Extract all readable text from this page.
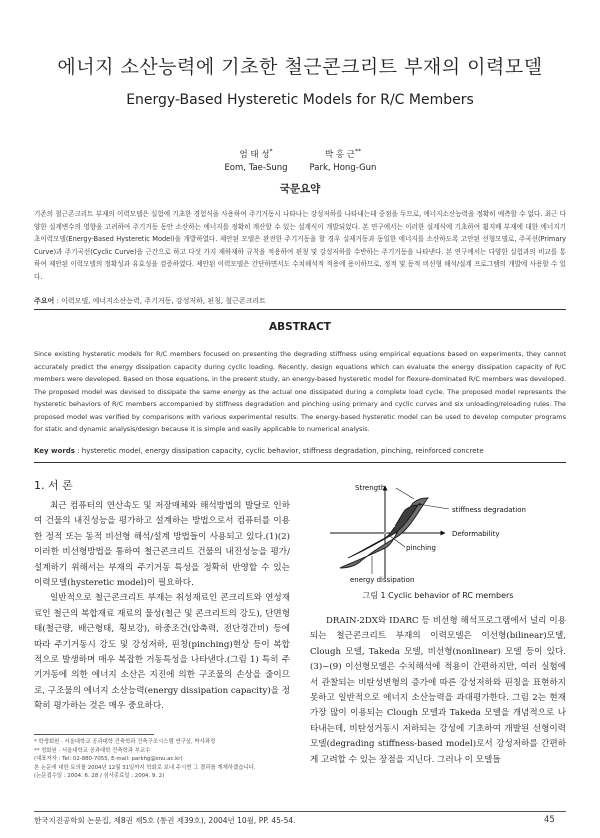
에너지 소산능력에 기초한 철근콘크리트 부재의 이력모델
Energy-Based Hysteretic Models for R/C Members
엄 태 성*
Eom, Tae-Sung
박 홍 근**
Park, Hong-Gun
국문요약
기존의 철근콘크리트 부재의 이력모델은 실험에 기초한 경험식을 사용하여 주기거동시 나타나는 강성저하를 나타내는데 중점을 두므로, 에너지소산능력을 정확히 예측할 수 없다. 최근 다양한 설계변수의 영향을 고려하여 주기거동 동안 소산하는 에너지를 정확히 계산할 수 있는 설계식이 개발되었다. 본 연구에서는 이러한 설계식에 기초하여 휨지배 부재에 대한 에너지기초이력모델(Energy-Based Hysteretic Model)을 개발하였다. 제안된 모델은 완전한 주기거동을 할 경우 실제거동과 동일한 에너지를 소산하도록 고안된 선형모델로, 주곡선(Primary Curve)과 주기곡선(Cyclic Curve)을 근간으로 하고 다섯 가지 재하재하 규칙을 적용하여 핀칭 및 강성저하를 수반하는 주기거동을 나타낸다. 본 연구에서는 다양한 실험과의 비교를 통하여 제안된 이력모델의 정확성과 유효성을 검증하였다. 제안된 이력모델은 간단하면서도 수치해석적 적용에 용이하므로, 정적 및 동적 비선형 해석/설계 프로그램의 개발에 사용할 수 있다.
주요어 : 이력모델, 에너지소산능력, 주기거동, 강성저하, 핀칭, 철근콘크리트
ABSTRACT
Since existing hysteretic models for R/C members focused on presenting the degrading stiffness using empirical equations based on experiments, they cannot accurately predict the energy dissipation capacity during cyclic loading. Recently, design equations which can evaluate the energy dissipation capacity of R/C members were developed. Based on those equations, in the present study, an energy-based hysteretic model for flexure-dominated R/C members was developed. The proposed model was devised to dissipate the same energy as the actual one dissipated during a complete load cycle. The proposed model represents the hysteretic behaviors of R/C members accompanied by stiffness degradation and pinching using primary and cyclic curves and six unloading/reloading rules. The proposed model was verified by comparisons with various experimental results. The energy-based hysteretic model can be used to develop computer programs for static and dynamic analysis/design because it is simple and easily applicable to numerical analysis.
Key words : hysteretic model, energy dissipation capacity, cyclic behavior, stiffness degradation, pinching, reinforced concrete
1. 서 론

최근 컴퓨터의 연산속도 및 저장매체와 해석방법의 발달로 인하여 건물의 내진성능을 평가하고 설계하는 방법으로서 컴퓨터를 이용한 정적 또는 동적 비선형 해석/설계 방법들이 사용되고 있다.(1)(2) 이러한 비선형방법을 통하여 철근콘크리트 건물의 내진성능을 평가/설계하기 위해서는 부재의 주기거동 특성을 정확히 반영할 수 있는 이력모델(hysteretic model)이 필요하다.

일반적으로 철근콘크리트 부재는 취성재료인 콘크리트와 연성재료인 철근의 복합재료 재료의 물성(철근 및 콘크리트의 강도), 단면형태(철근량, 배근형태, 횡보강), 하중조건(압축력, 전단경간비) 등에 따라 주기거동시 강도 및 강성저하, 핀칭(pinching)현상 등이 복합적으로 발생하며 매우 복잡한 거동특성을 나타낸다.(그림 1) 특히 주기거동에 의한 에너지 소산은 지진에 의한 구조물의 손상을 줄이므로, 구조물의 에너지 소산능력(energy dissipation capacity)을 정확히 평가하는 것은 매우 중요하다.

Strength
stiffness degradation
Deformability
pinching
energy dissipation
그림 1 Cyclic behavior of RC members

DRAIN-2DX와 IDARC 등 비선형 해석프로그램에서 널리 이용되는 철근콘크리트 부재의 이력모델은 이선형(bilinear)모델, Clough 모델, Takeda 모델, 비선형(nonlinear) 모델 등이 있다.(3)~(9) 이선형모델은 수치해석에 적용이 간편하지만, 여러 실험에서 관찰되는 비탄성변형의 증가에 따른 강성저하와 핀칭을 표현하지 못하고 일반적으로 에너지 소산능력을 과대평가한다. 그림 2는 현재 가장 많이 이용되는 Clough 모델과 Takeda 모델을 개념적으로 나타내는데, 비탄성거동시 저하되는 강성에 기초하여 개발된 선형이력모델(degrading stiffness-based model)로서 강성저하를 간편하게 고려할 수 있는 장점을 지닌다. 그러나 이 모델들

* 학생회원 · 서울대학교 공과대학 건축학과 건축구조시스템 연구실, 박사과정
** 정회원 · 서울대학교 공과대학 건축학과 부교수
(대표저자 : Tel: 02-880-7055, E-mail: parkhg@snu.ac.kr)
본 논문에 대한 토의를 2004년 12월 31일까지 학회로 보내 주시면 그 결과를 게재하겠습니다.
(논문접수일 : 2004. 6. 28 / 심사종료일 : 2004. 9. 2)
한국지진공학회 논문집, 제8권 제5호 (통권 제39호), 2004년 10월, PP. 45-54.	45
